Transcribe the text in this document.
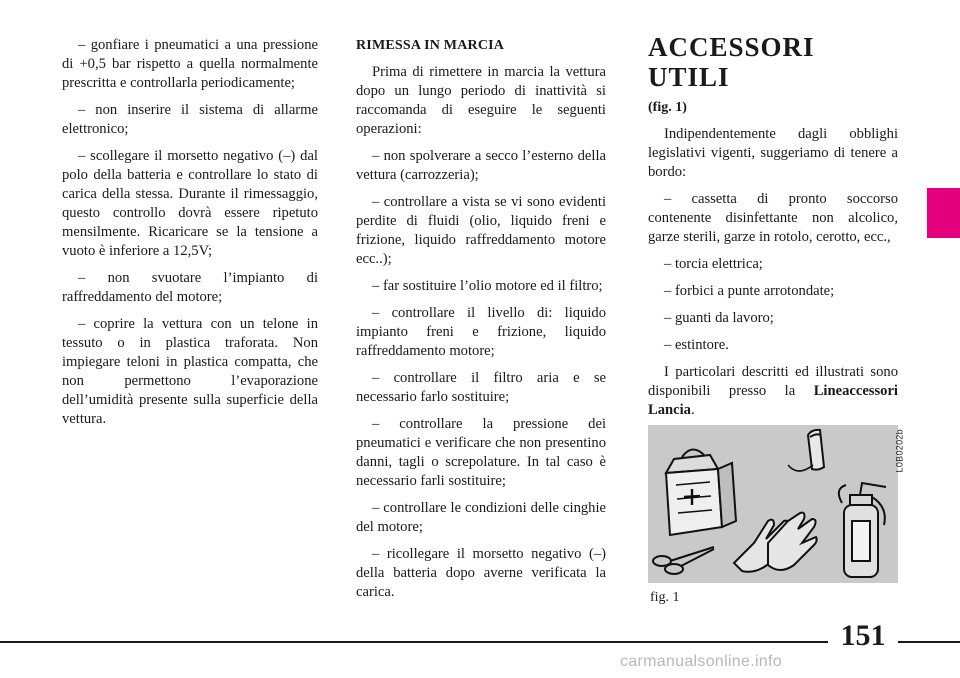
– gonfiare i pneumatici a una pressione di +0,5 bar rispetto a quella normalmente prescritta e controllarla periodicamente;

– non inserire il sistema di allarme elettronico;

– scollegare il morsetto negativo (–) dal polo della batteria e controllare lo stato di carica della stessa. Durante il rimessaggio, questo controllo dovrà essere ripetuto mensilmente. Ricaricare se la tensione a vuoto è inferiore a 12,5V;

– non svuotare l’impianto di raffreddamento del motore;

– coprire la vettura con un telone in tessuto o in plastica traforata. Non impiegare teloni in plastica compatta, che non permettono l’evaporazione dell’umidità presente sulla superficie della vettura.

RIMESSA IN MARCIA

Prima di rimettere in marcia la vettura dopo un lungo periodo di inattività si raccomanda di eseguire le seguenti operazioni:

– non spolverare a secco l’esterno della vettura (carrozzeria);

– controllare a vista se vi sono evidenti perdite di fluidi (olio, liquido freni e frizione, liquido raffreddamento motore ecc..);

– far sostituire l’olio motore ed il filtro;

– controllare il livello di: liquido impianto freni e frizione, liquido raffreddamento motore;

– controllare il filtro aria e se necessario farlo sostituire;

– controllare la pressione dei pneumatici e verificare che non presentino danni, tagli o screpolature. In tal caso è necessario farli sostituire;

– controllare le condizioni delle cinghie del motore;

– ricollegare il morsetto negativo (–) della batteria dopo averne verificata la carica.

ACCESSORI UTILI

(fig. 1)

Indipendentemente dagli obblighi legislativi vigenti, suggeriamo di tenere a bordo:

– cassetta di pronto soccorso contenente disinfettante non alcolico, garze sterili, garze in rotolo, cerotto, ecc.,

– torcia elettrica;

– forbici a punte arrotondate;

– guanti da lavoro;

– estintore.

I particolari descritti ed illustrati sono disponibili presso la Lineaccessori Lancia.

L0B0202b
fig. 1
151
carmanualsonline.info
